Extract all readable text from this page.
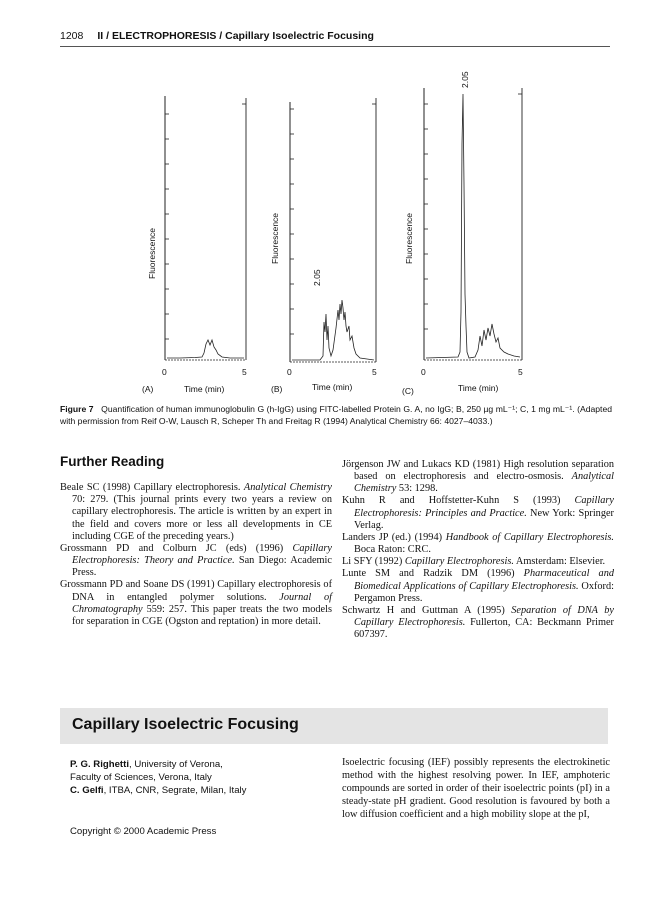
1208 II / ELECTROPHORESIS / Capillary Isoelectric Focusing
Fluorescence
0	5
(A)	Time (min)
Fluorescence
2.05
0	5
(B)	Time (min)
Fluorescence
2.05
0	5
(C)	Time (min)
Figure 7 Quantification of human immunoglobulin G (h-IgG) using FITC-labelled Protein G. A, no IgG; B, 250 µg mL⁻¹; C, 1 mg mL⁻¹. (Adapted with permission from Reif O-W, Lausch R, Scheper Th and Freitag R (1994) Analytical Chemistry 66: 4027–4033.)
Further Reading

Beale SC (1998) Capillary electrophoresis. Analytical Chemistry 70: 279. (This journal prints every two years a review on capillary electrophoresis. The article is written by an expert in the field and covers more or less all developments in CE including CGE of the preceding years.)

Grossmann PD and Colburn JC (eds) (1996) Capillary Electrophoresis: Theory and Practice. San Diego: Academic Press.

Grossmann PD and Soane DS (1991) Capillary electrophoresis of DNA in entangled polymer solutions. Journal of Chromatography 559: 257. This paper treats the two models for separation in CGE (Ogston and reptation) in more detail.

Jörgenson JW and Lukacs KD (1981) High resolution separation based on electrophoresis and electro-osmosis. Analytical Chemistry 53: 1298.

Kuhn R and Hoffstetter-Kuhn S (1993) Capillary Electrophoresis: Principles and Practice. New York: Springer Verlag.

Landers JP (ed.) (1994) Handbook of Capillary Electrophoresis. Boca Raton: CRC.

Li SFY (1992) Capillary Electrophoresis. Amsterdam: Elsevier.

Lunte SM and Radzik DM (1996) Pharmaceutical and Biomedical Applications of Capillary Electrophoresis. Oxford: Pergamon Press.

Schwartz H and Guttman A (1995) Separation of DNA by Capillary Electrophoresis. Fullerton, CA: Beckmann Primer 607397.

Capillary Isoelectric Focusing
P. G. Righetti, University of Verona,
Faculty of Sciences, Verona, Italy
C. Gelfi, ITBA, CNR, Segrate, Milan, Italy
Copyright © 2000 Academic Press
Isoelectric focusing (IEF) possibly represents the electrokinetic method with the highest resolving power. In IEF, amphoteric compounds are sorted in order of their isoelectric points (pI) in a steady-state pH gradient. Good resolution is favoured by both a low diffusion coefficient and a high mobility slope at the pI,
